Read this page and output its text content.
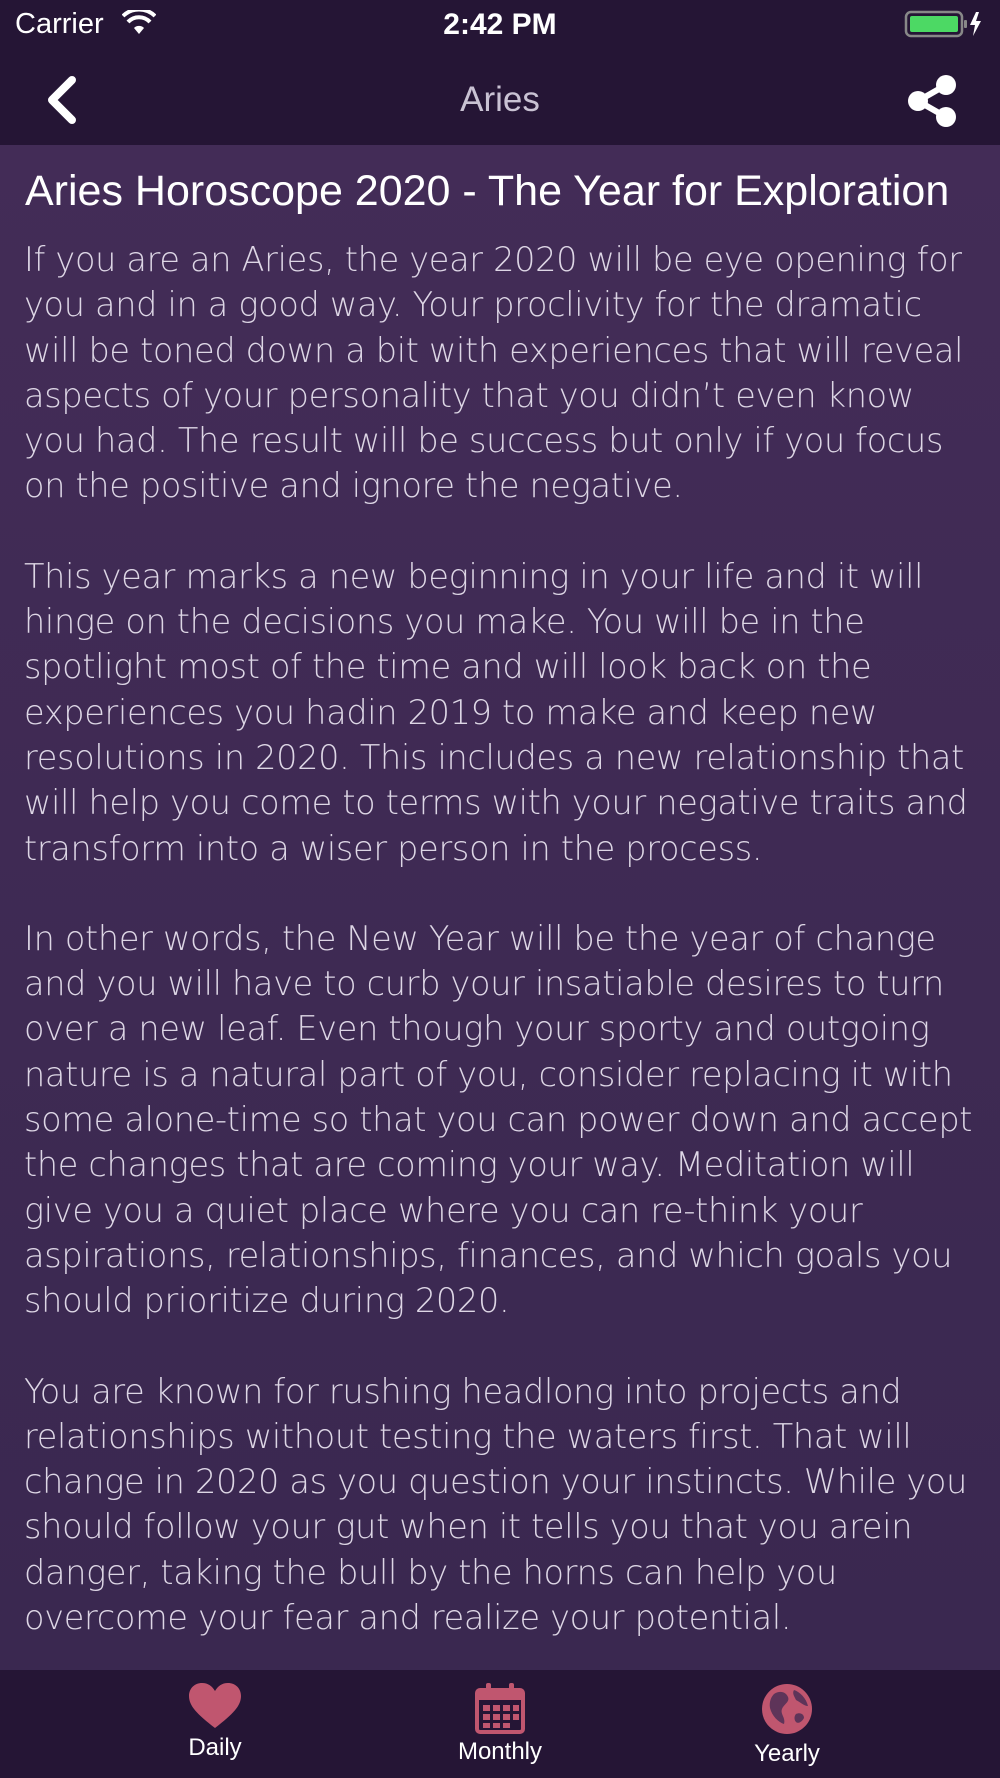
Carrier	2:42 PM
Aries
Aries Horoscope 2020 - The Year for Exploration

If you are an Aries, the year 2020 will be eye opening for you and in a good way. Your proclivity for the dramatic will be toned down a bit with experiences that will reveal aspects of your personality that you didn’t even know you had. The result will be success but only if you focus on the positive and ignore the negative.

This year marks a new beginning in your life and it will hinge on the decisions you make. You will be in the spotlight most of the time and will look back on the experiences you hadin 2019 to make and keep new resolutions in 2020. This includes a new relationship that will help you come to terms with your negative traits and transform into a wiser person in the process.

In other words, the New Year will be the year of change and you will have to curb your insatiable desires to turn over a new leaf. Even though your sporty and outgoing nature is a natural part of you, consider replacing it with some alone-time so that you can power down and accept the changes that are coming your way. Meditation will give you a quiet place where you can re-think your aspirations, relationships, finances, and which goals you should prioritize during 2020.

You are known for rushing headlong into projects and relationships without testing the waters first. That will change in 2020 as you question your instincts. While you should follow your gut when it tells you that you arein danger, taking the bull by the horns can help you overcome your fear and realize your potential.

Daily	Monthly	Yearly
